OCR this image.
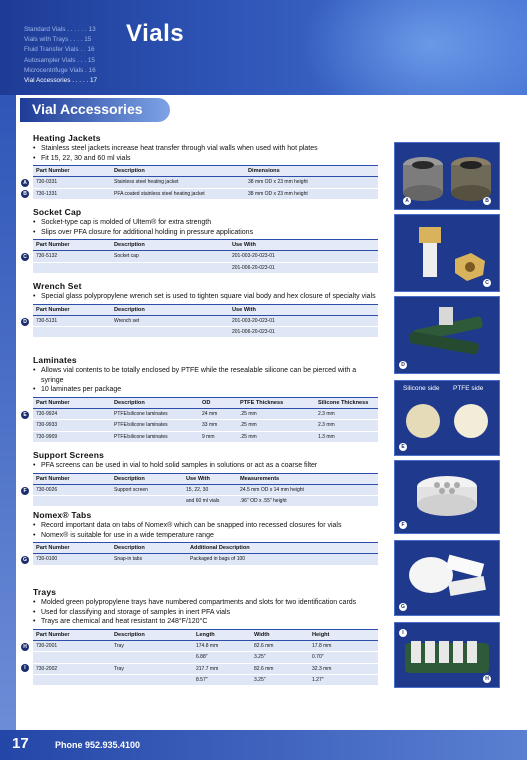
Standard Vials . . . . . . 13
Vials with Trays . . . . 15
Fluid Transfer Vials . . 16
Autosampler Vials . . . 15
Microcentrifuge Vials . 16
Vial Accessories . . . . . 17
Vials
Vial Accessories
Heating Jackets
• Stainless steel jackets increase heat transfer through vial walls when used with hot plates
• Fit 15, 22, 30 and 60 ml vials
A
B
Part Number	Description	Dimensions
730-0331	Stainless steel heating jacket	38 mm OD x 23 mm height
730-1331	PFA coated stainless steel heating jacket	38 mm OD x 23 mm height
Socket Cap
• Socket-type cap is molded of Ultem® for extra strength
• Slips over PFA closure for additional holding in pressure applications
C
Part Number	Description	Use With
730-5132	Socket cap	201-003-20-023-01
		201-006-20-023-01
Wrench Set
• Special glass polypropylene wrench set is used to tighten square vial body and hex closure of specialty vials
D
Part Number	Description	Use With
730-5131	Wrench set	201-003-20-023-01
		201-006-20-023-01
Laminates
• Allows vial contents to be totally enclosed by PTFE while the resealable silicone can be pierced with a syringe
• 10 laminates per package
E
Part Number	Description	OD	PTFE Thickness	Silicone Thickness
730-9924	PTFE/silicone laminates	24 mm	.25 mm	2.3 mm
730-9933	PTFE/silicone laminates	33 mm	.25 mm	2.3 mm
730-9909	PTFE/silicone laminates	9 mm	.25 mm	1.3 mm
Support Screens
• PFA screens can be used in vial to hold solid samples in solutions or act as a coarse filter
F
Part Number	Description	Use With	Measurements
730-0026	Support screen	15, 22, 30	24.5 mm OD x 14 mm height
		and 60 ml vials	.96" OD x .55" height
Nomex® Tabs
• Record important data on tabs of Nomex® which can be snapped into recessed closures for vials
• Nomex® is suitable for use in a wide temperature range
G
Part Number	Description	Additional Description
730-0100	Snap-in tabs	Packaged in bags of 100
Trays
• Molded green polypropylene trays have numbered compartments and slots for two identification cards
• Used for classifying and storage of samples in inert PFA vials
• Trays are chemical and heat resistant to 248°F/120°C
H
I
Part Number	Description	Length	Width	Height
730-2001	Tray	174.8 mm	82.6 mm	17.8 mm
		6.88"	3.25"	0.70"
730-2002	Tray	217.7 mm	82.6 mm	32.3 mm
		8.57"	3.25"	1.27"
A	B
C
D
Silicone side PTFE side
E
F
G
I
H
17	Phone 952.935.4100
